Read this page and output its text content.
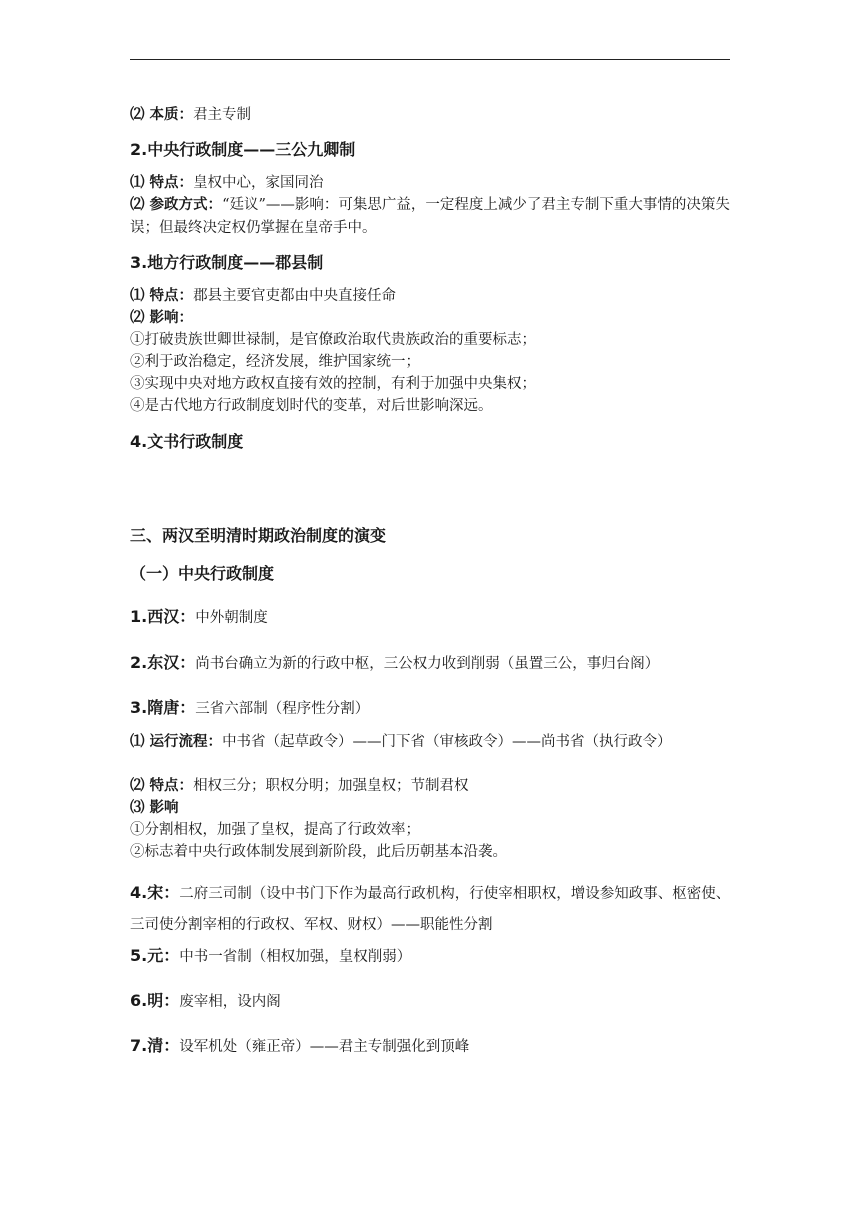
⑵ 本质：君主专制
2.中央行政制度——三公九卿制
⑴ 特点：皇权中心，家国同治
⑵ 参政方式：“廷议”——影响：可集思广益，一定程度上减少了君主专制下重大事情的决策失误；但最终决定权仍掌握在皇帝手中。
3.地方行政制度——郡县制
⑴ 特点：郡县主要官吏都由中央直接任命
⑵ 影响：
①打破贵族世卿世禄制，是官僚政治取代贵族政治的重要标志；
②利于政治稳定，经济发展，维护国家统一；
③实现中央对地方政权直接有效的控制，有利于加强中央集权；
④是古代地方行政制度划时代的变革，对后世影响深远。
4.文书行政制度
三、两汉至明清时期政治制度的演变
（一）中央行政制度
1.西汉：中外朝制度
2.东汉：尚书台确立为新的行政中枢，三公权力收到削弱（虽置三公，事归台阁）
3.隋唐：三省六部制（程序性分割）
⑴ 运行流程：中书省（起草政令）——门下省（审核政令）——尚书省（执行政令）
⑵ 特点：相权三分；职权分明；加强皇权；节制君权
⑶ 影响
①分割相权，加强了皇权，提高了行政效率；
②标志着中央行政体制发展到新阶段，此后历朝基本沿袭。
4.宋：二府三司制（设中书门下作为最高行政机构，行使宰相职权，增设参知政事、枢密使、三司使分割宰相的行政权、军权、财权）——职能性分割
5.元：中书一省制（相权加强，皇权削弱）
6.明：废宰相，设内阁
7.清：设军机处（雍正帝）——君主专制强化到顶峰
